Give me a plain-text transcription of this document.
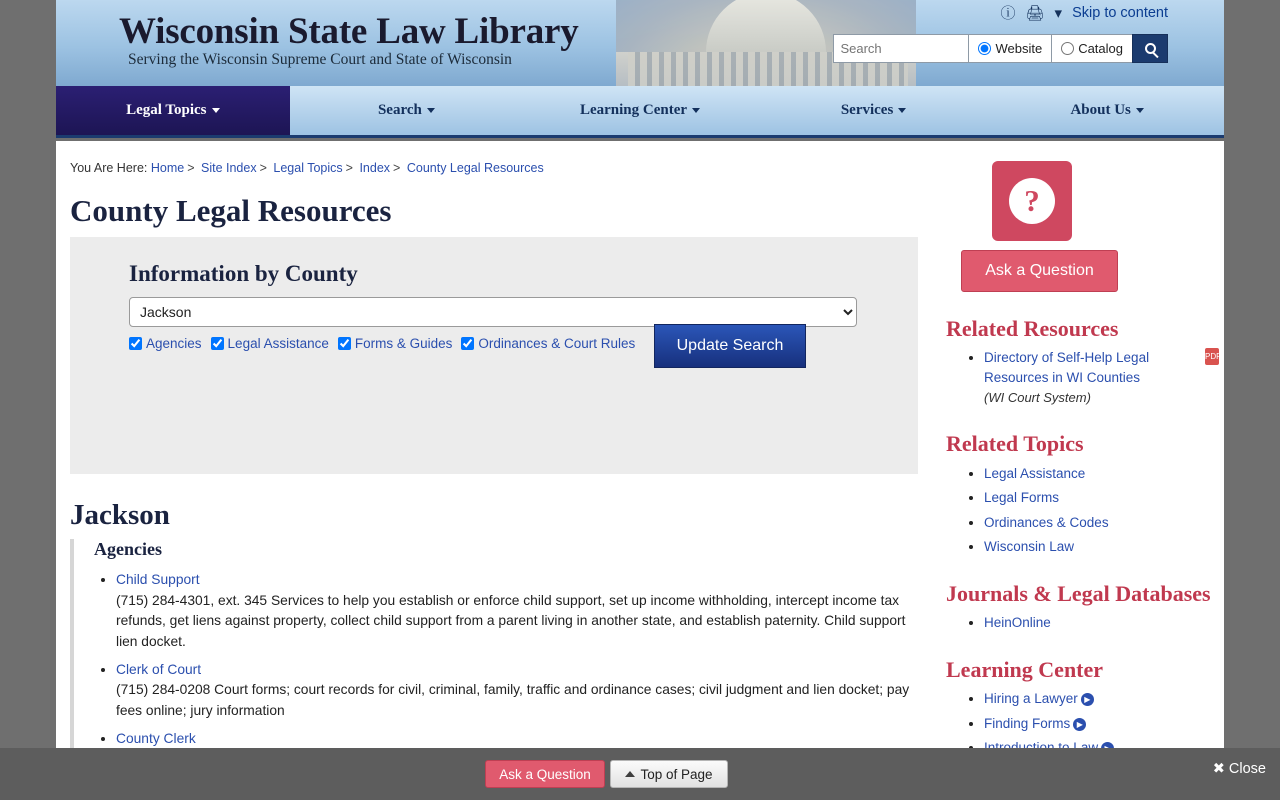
Wisconsin State Law Library
Serving the Wisconsin Supreme Court and State of Wisconsin
ⓘ 🖨 ▾ Skip to content
Search
Website	Catalog
Legal Topics	Search	Learning Center	Services	About Us
You Are Here: Home > Site Index > Legal Topics > Index > County Legal Resources
County Legal Resources
Information by County
Jackson
Agencies Legal Assistance Forms & Guides Ordinances & Court Rules	Update Search
Jackson
Agencies
• Child Support
(715) 284-4301, ext. 345 Services to help you establish or enforce child support, set up income withholding, intercept income tax refunds, get liens against property, collect child support from a parent living in another state, and establish paternity. Child support lien docket.
• Clerk of Court
(715) 284-0208 Court forms; court records for civil, criminal, family, traffic and ordinance cases; civil judgment and lien docket; pay fees online; jury information
• County Clerk

?
Ask a Question
Related Resources
• Directory of Self-Help Legal Resources in WI Counties
(WI Court System)
PDF
Related Topics
• Legal Assistance
• Legal Forms
• Ordinances & Codes
• Wisconsin Law
Journals & Legal Databases
• HeinOnline
Learning Center
• Hiring a Lawyer ▶
• Finding Forms ▶
•
Ask a Question	Top of Page	✖ Close
